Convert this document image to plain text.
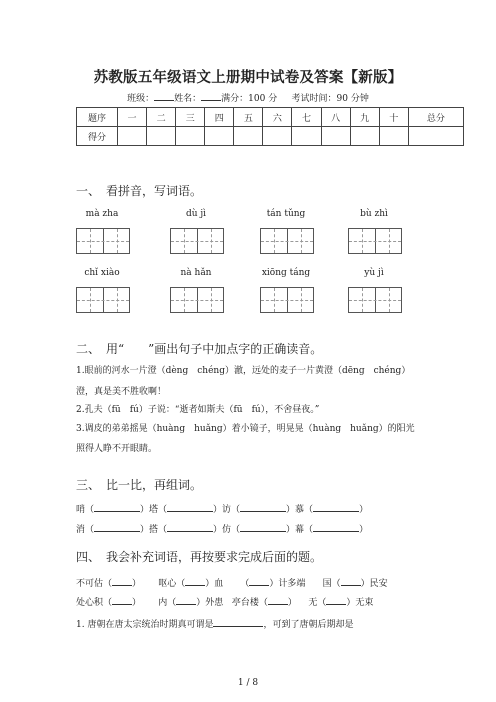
苏教版五年级语文上册期中试卷及答案【新版】
班级： 姓名： 满分：100 分 考试时间：90 分钟
题序	一	二	三	四	五	六	七	八	九	十	总分
得分											
一、　看拼音，写词语。
mà zha	dù jì	tán tǔng	bù zhì
chǐ xiào	nà hǎn	xiōng táng	yù jì
二、　用“　　”画出句子中加点字的正确读音。
1.眼前的河水一片澄（dèng　chéng）澈，远处的麦子一片黄澄（dēng　chéng）
澄，真是美不胜收啊！
2.孔夫（fū　fú）子说：“逝者如斯夫（fū　fú），不舍昼夜。”
3.调皮的弟弟摇晃（huàng　huǎng）着小镜子，明晃晃（huàng　huǎng）的阳光
照得人睁不开眼睛。
三、　比一比，再组词。
哨（	）塔（	）访（	）慕（	）
消（	）搭（	）仿（	）幕（	）
四、　我会补充词语，再按要求完成后面的题。
不可估（ ） 呕心（ ）血 （ ）计多端 国（ ）民安
处心积（ ） 内（ ）外患 亭台楼（ ） 无（ ）无束
1. 唐朝在唐太宗统治时期真可谓是	，可到了唐朝后期却是
1 / 8
